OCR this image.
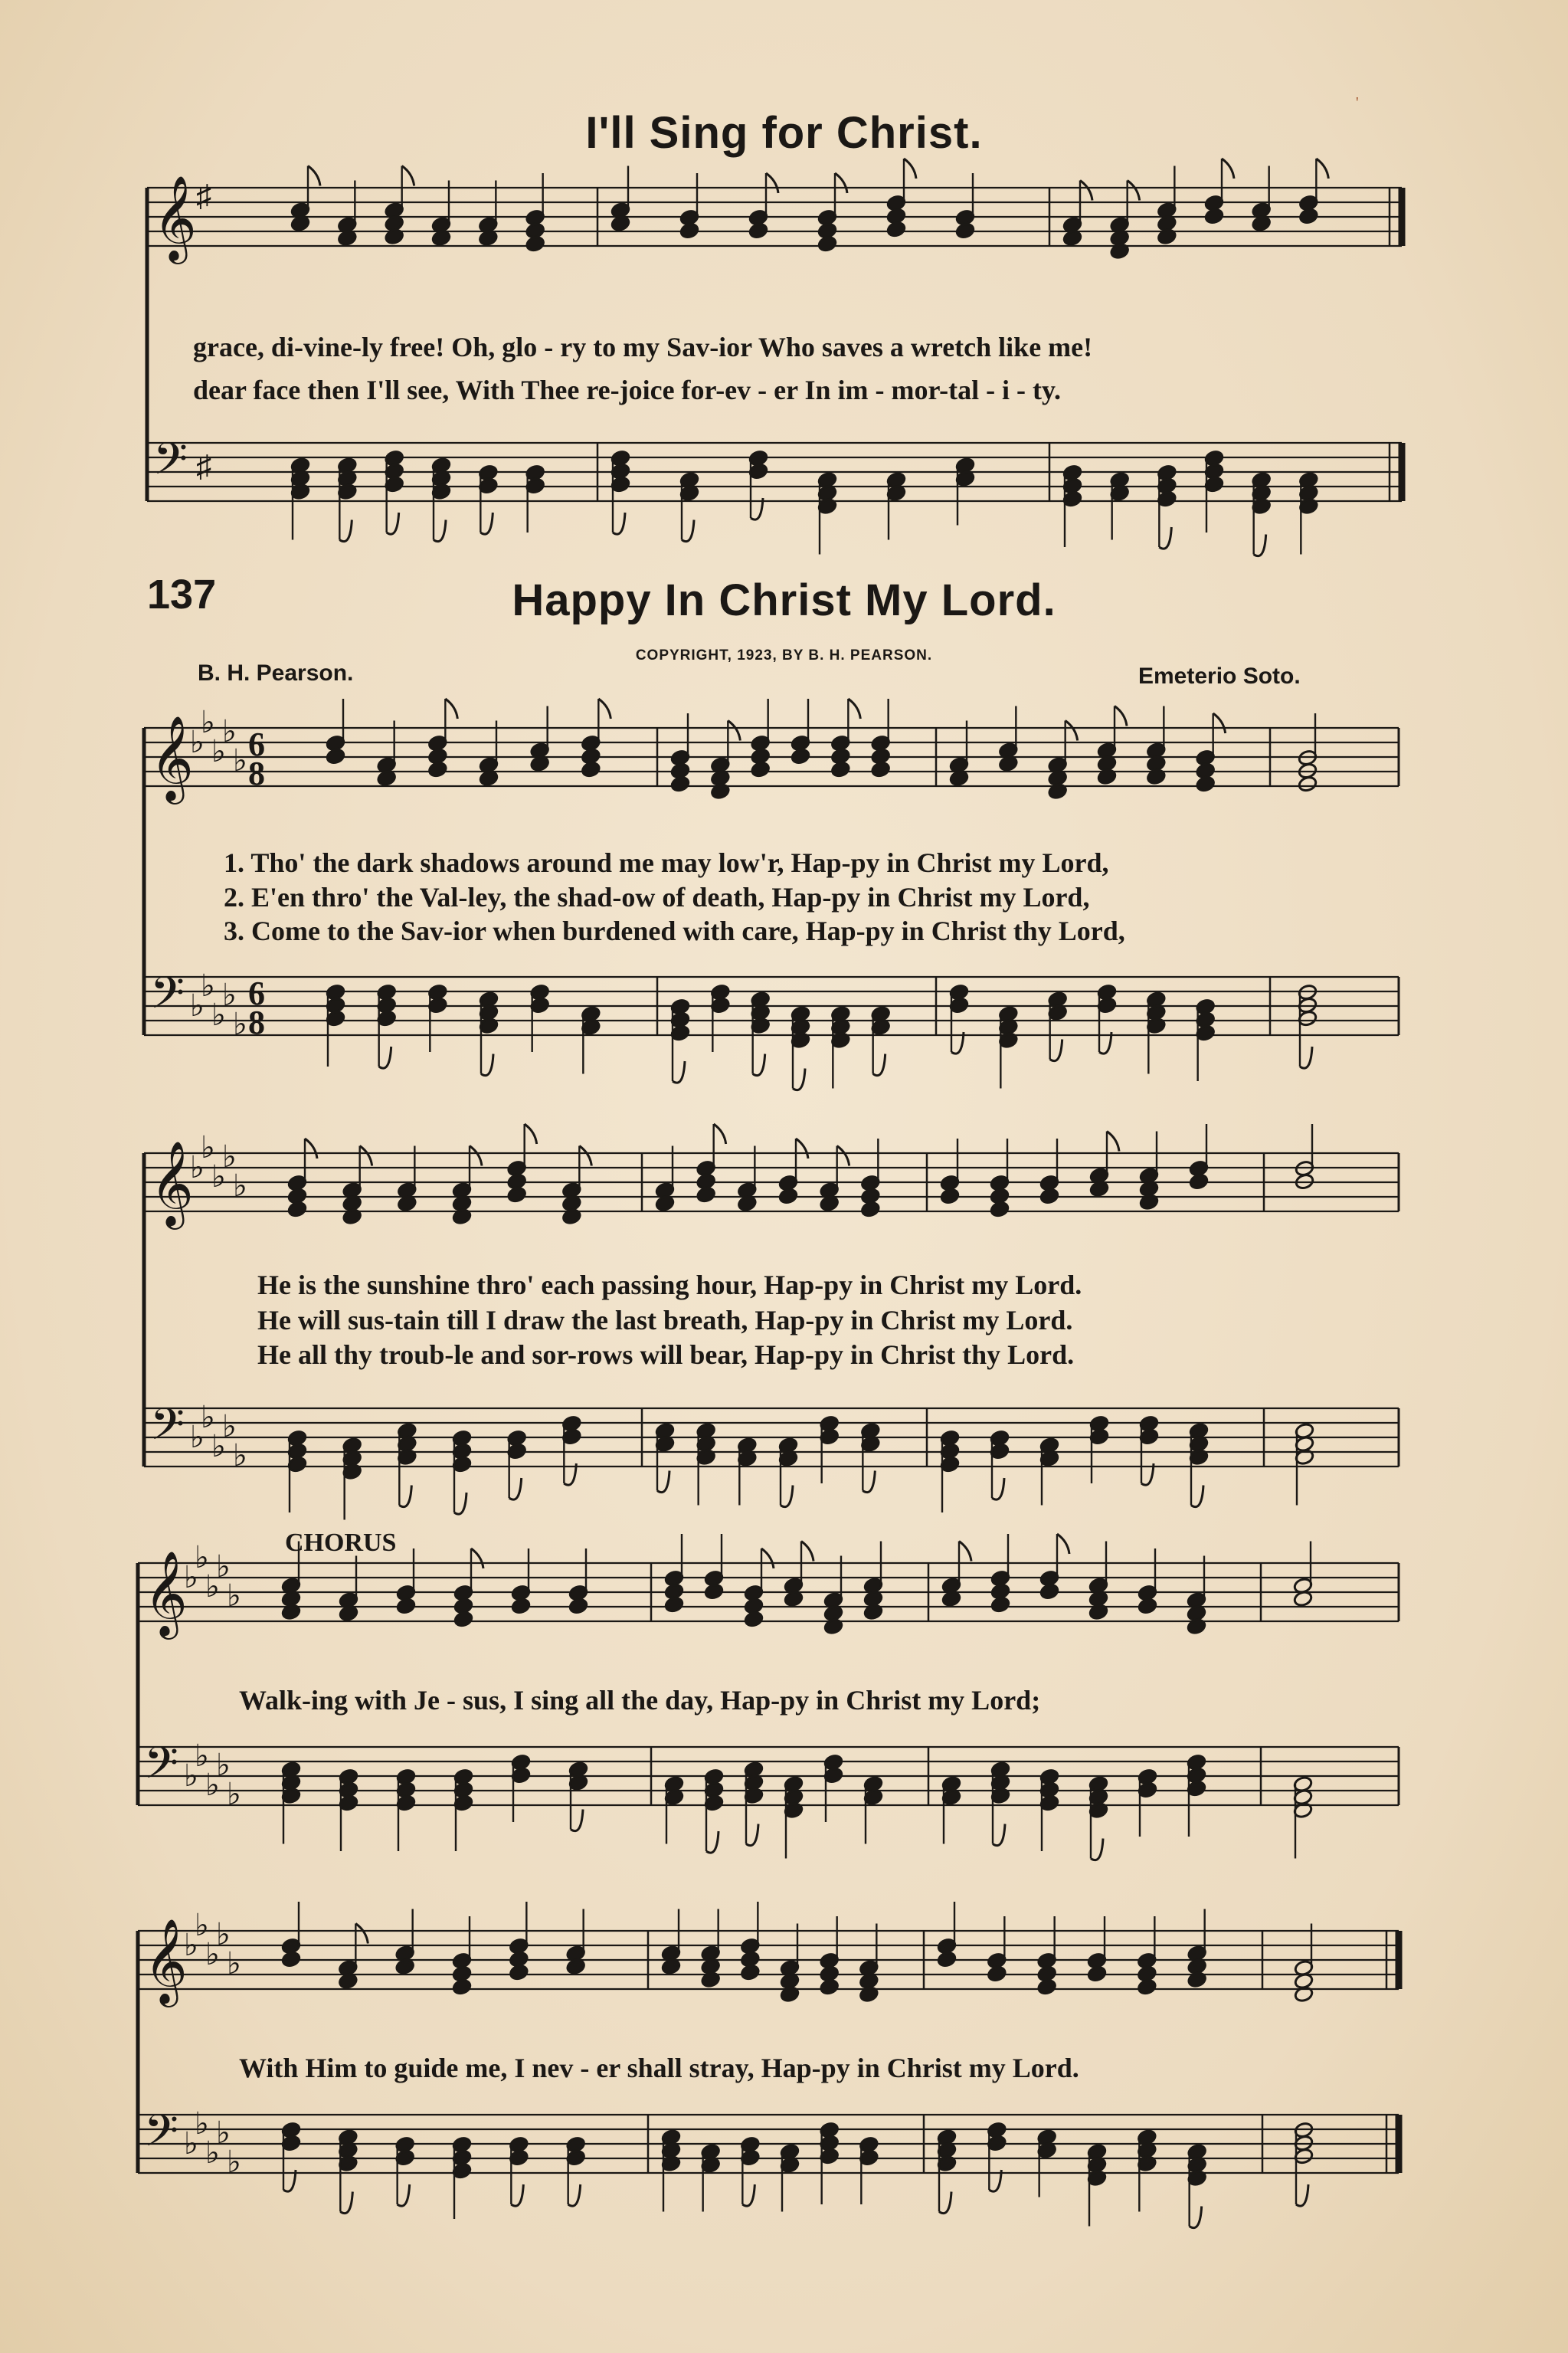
I'll Sing for Christ.
137	Happy In Christ My Lord.
COPYRIGHT, 1923, BY B. H. PEARSON.
B. H. Pearson.	Emeterio Soto.
grace, di-vine-ly free! Oh, glo - ry to my Sav-ior Who saves a wretch like me!
dear face then I'll see, With Thee re-joice for-ev - er In im - mor-tal - i - ty.
1. Tho' the dark shadows around me may low'r, Hap-py in Christ my Lord,
2. E'en thro' the Val-ley, the shad-ow of death, Hap-py in Christ my Lord,
3. Come to the Sav-ior when burdened with care, Hap-py in Christ thy Lord,
He is the sunshine thro' each passing hour, Hap-py in Christ my Lord.
He will sus-tain till I draw the last breath, Hap-py in Christ my Lord.
He all thy troub-le and sor-rows will bear, Hap-py in Christ thy Lord.
CHORUS
Walk-ing with Je - sus, I sing all the day, Hap-py in Christ my Lord;
With Him to guide me, I nev - er shall stray, Hap-py in Christ my Lord.
𝄞 ♯
𝄢 ♯
𝄞
♭
♭
♭
♭
♭ 6
8
𝄢 ♭
♭
♭
♭
♭
6
8
𝄞
♭
♭
♭
♭
♭
𝄢 ♭
♭
♭
♭
♭
𝄞
♭
♭
♭
♭
♭
𝄢 ♭
♭
♭
♭
♭
𝄞
♭
♭
♭
♭
♭
𝄢 ♭
♭
♭
♭
♭
'
